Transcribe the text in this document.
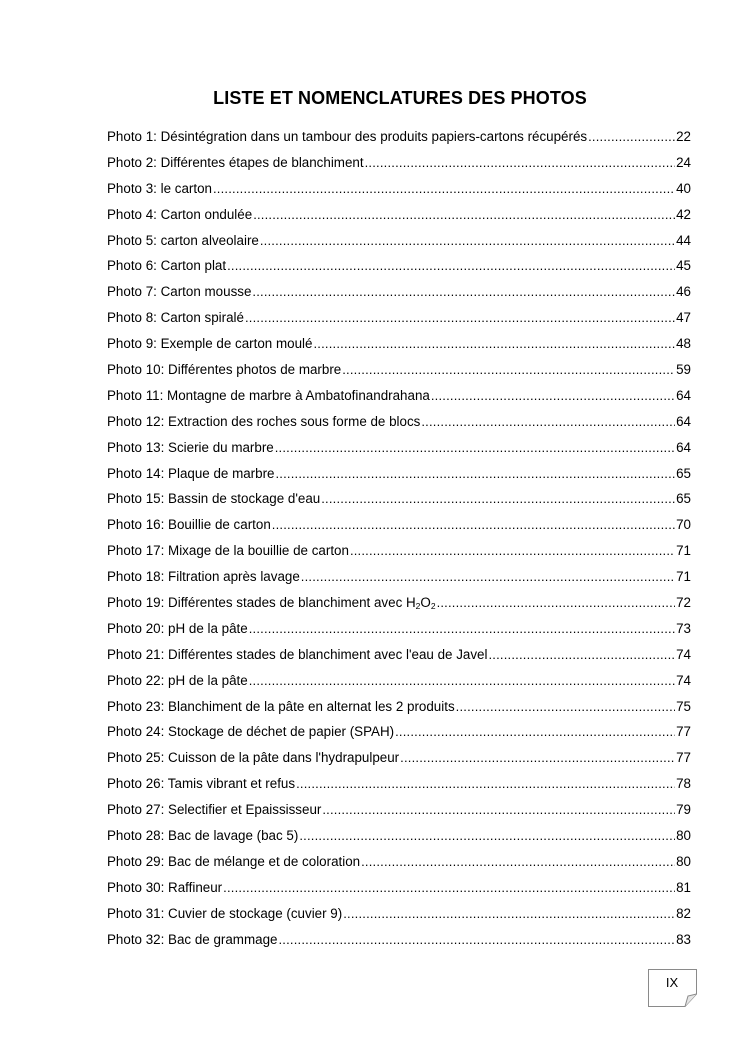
LISTE ET NOMENCLATURES DES PHOTOS
Photo 1: Désintégration dans un tambour des produits papiers-cartons récupérés .....	22
Photo 2: Différentes étapes de blanchiment .....	24
Photo 3: le carton .....	40
Photo 4: Carton ondulée .....	42
Photo 5: carton alveolaire .....	44
Photo 6: Carton plat .....	45
Photo 7: Carton mousse .....	46
Photo 8: Carton spiralé .....	47
Photo 9: Exemple de carton moulé .....	48
Photo 10: Différentes photos de marbre .....	59
Photo 11: Montagne de marbre à Ambatofinandrahana .....	64
Photo 12: Extraction des roches sous forme de blocs .....	64
Photo 13: Scierie du marbre .....	64
Photo 14: Plaque de marbre .....	65
Photo 15: Bassin de stockage d'eau .....	65
Photo 16: Bouillie de carton .....	70
Photo 17: Mixage de la bouillie de carton .....	71
Photo 18: Filtration après lavage .....	71
Photo 19: Différentes stades de blanchiment avec $H_2O_2$ .....	72
Photo 20: pH de la pâte .....	73
Photo 21: Différentes stades de blanchiment avec l'eau de Javel .....	74
Photo 22: pH de la pâte .....	74
Photo 23: Blanchiment de la pâte en alternat les 2 produits .....	75
Photo 24: Stockage de déchet de papier (SPAH) .....	77
Photo 25: Cuisson de la pâte dans l'hydrapulpeur .....	77
Photo 26: Tamis vibrant et refus .....	78
Photo 27: Selectifier et Epaississeur .....	79
Photo 28: Bac de lavage (bac 5) .....	80
Photo 29: Bac de mélange et de coloration .....	80
Photo 30: Raffineur .....	81
Photo 31: Cuvier de stockage (cuvier 9) .....	82
Photo 32: Bac de grammage .....	83
IX
